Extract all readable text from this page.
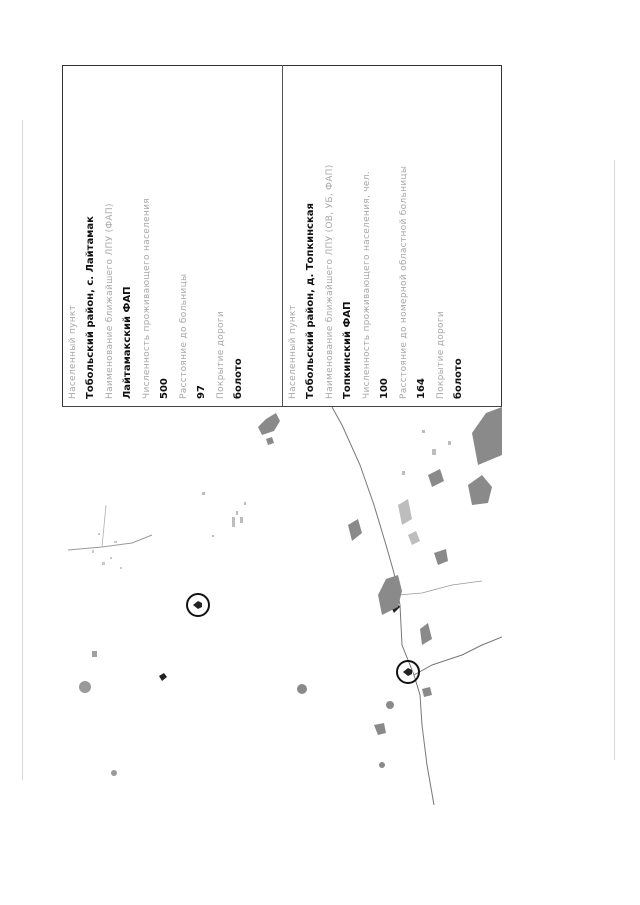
Населенный пункт Тобольский район, с. Лайтамак Наименование ближайшего ЛПУ (ФАП) Лайтамакский ФАП Численность проживающего населения 500 Расстояние до больницы 97 Покрытие дороги болото	Населенный пункт Тобольский район, д. Топкинская Наименование ближайшего ЛПУ (ОВ, УБ, ФАП) Топкинский ФАП Численность проживающего населения, чел. 100 Расстояние до номерной областной больницы 164 Покрытие дороги болото
